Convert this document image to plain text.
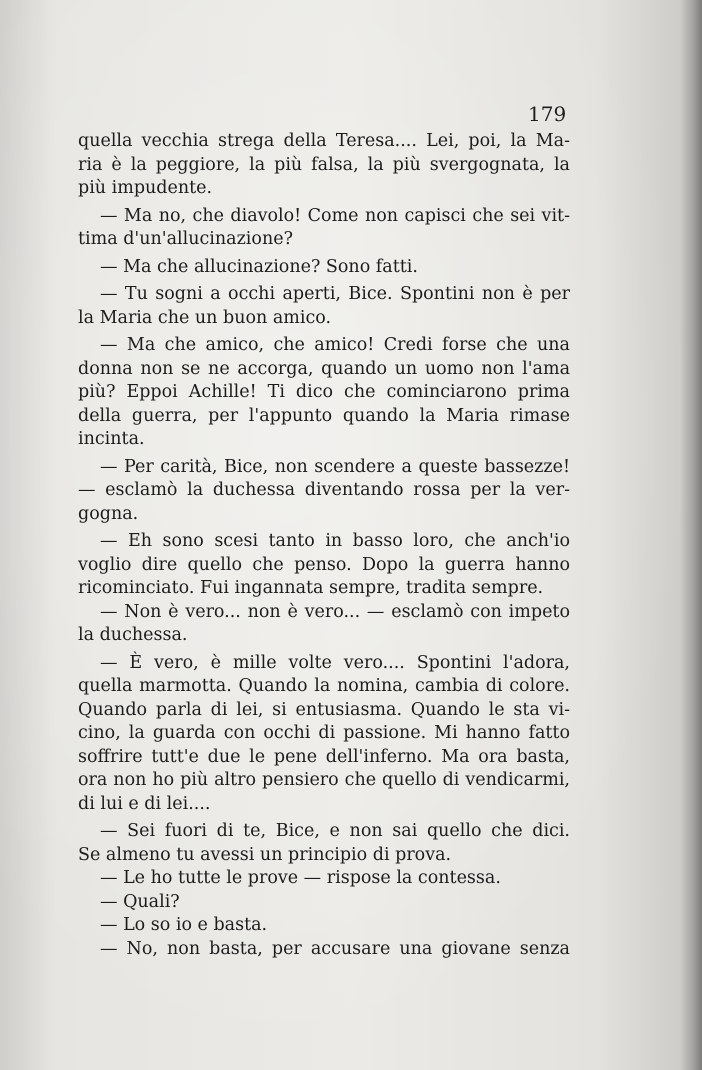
179
quella vecchia strega della Teresa.... Lei, poi, la Ma-
ria è la peggiore, la più falsa, la più svergognata, la
più impudente.
— Ma no, che diavolo! Come non capisci che sei vit-
tima d'un'allucinazione?
— Ma che allucinazione? Sono fatti.
— Tu sogni a occhi aperti, Bice. Spontini non è per
la Maria che un buon amico.
— Ma che amico, che amico! Credi forse che una
donna non se ne accorga, quando un uomo non l'ama
più? Eppoi Achille! Ti dico che cominciarono prima
della guerra, per l'appunto quando la Maria rimase
incinta.
— Per carità, Bice, non scendere a queste bassezze!
— esclamò la duchessa diventando rossa per la ver-
gogna.
— Eh sono scesi tanto in basso loro, che anch'io
voglio dire quello che penso. Dopo la guerra hanno
ricominciato. Fui ingannata sempre, tradita sempre.
— Non è vero... non è vero... — esclamò con impeto
la duchessa.
— È vero, è mille volte vero.... Spontini l'adora,
quella marmotta. Quando la nomina, cambia di colore.
Quando parla di lei, si entusiasma. Quando le sta vi-
cino, la guarda con occhi di passione. Mi hanno fatto
soffrire tutt'e due le pene dell'inferno. Ma ora basta,
ora non ho più altro pensiero che quello di vendicarmi,
di lui e di lei....
— Sei fuori di te, Bice, e non sai quello che dici.
Se almeno tu avessi un principio di prova.
— Le ho tutte le prove — rispose la contessa.
— Quali?
— Lo so io e basta.
— No, non basta, per accusare una giovane senza
